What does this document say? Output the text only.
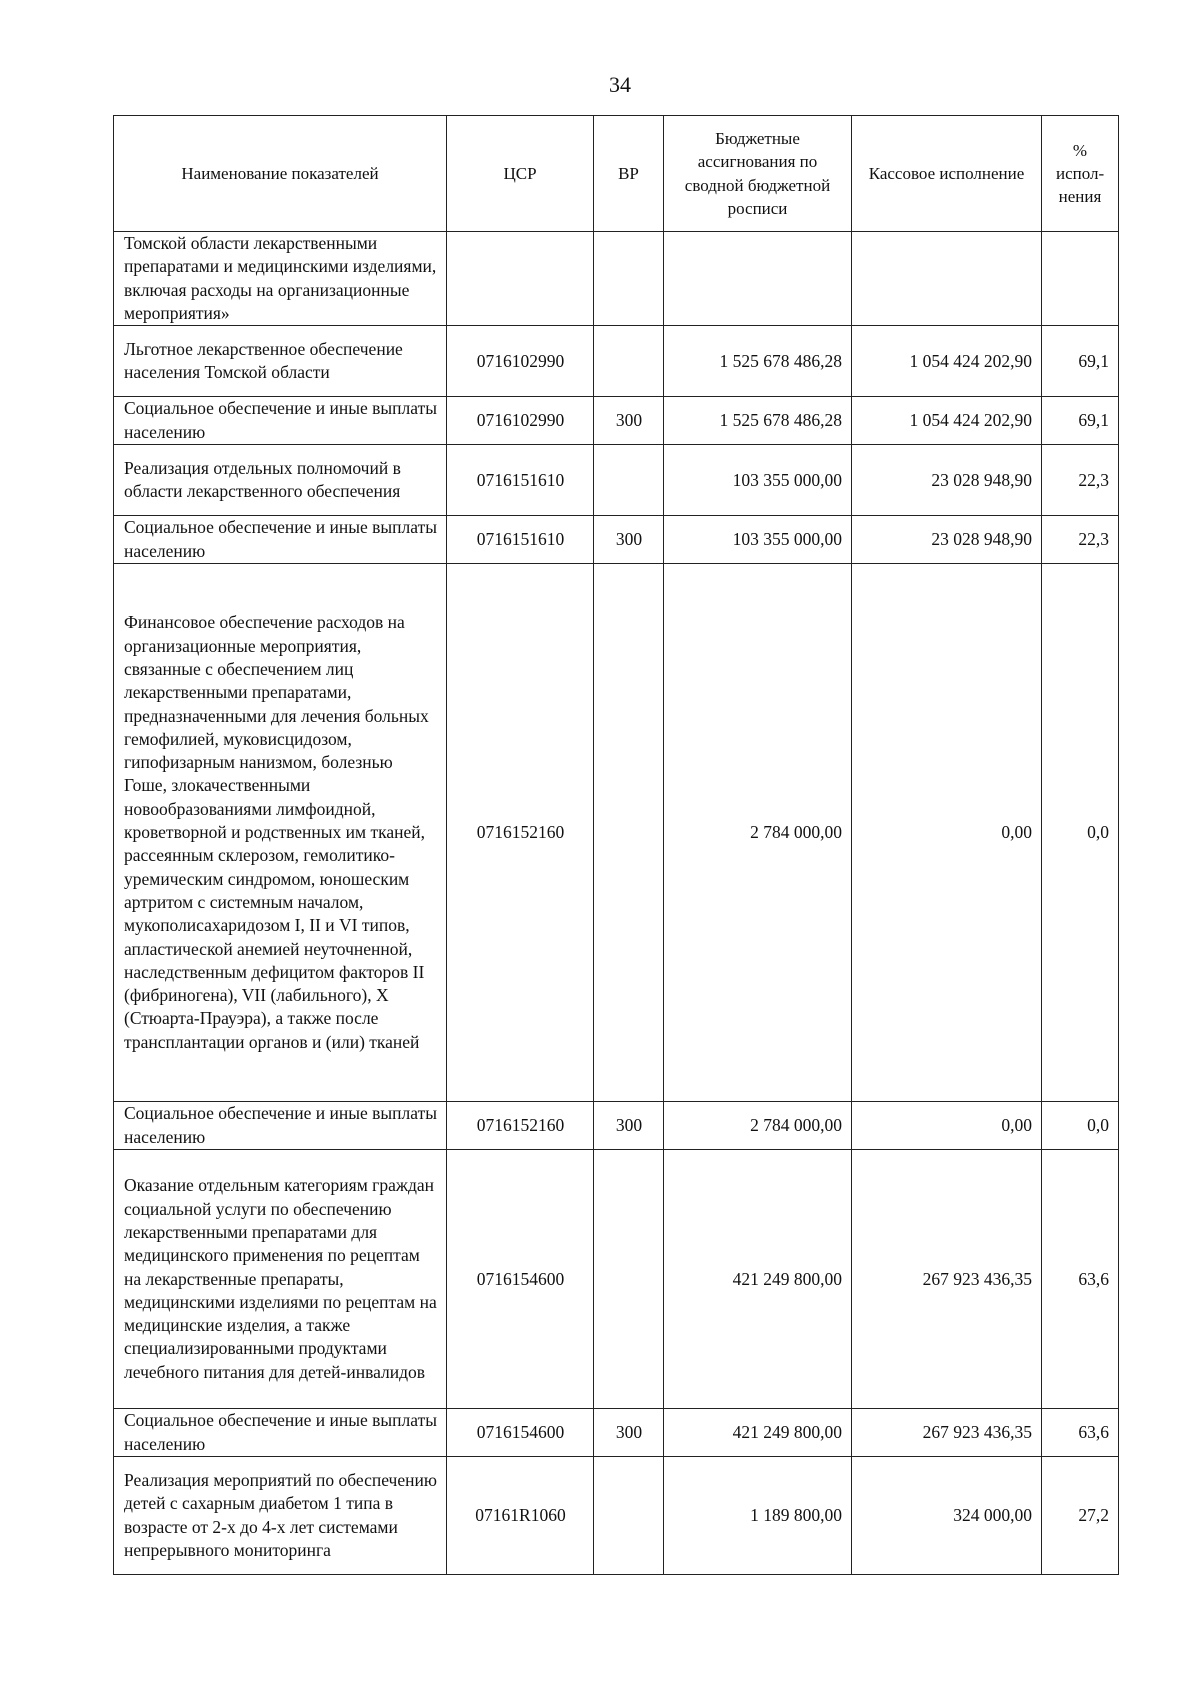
34
Наименование показателей	ЦСР	ВР	Бюджетные ассигнования по сводной бюджетной росписи	Кассовое исполнение	% испол-нения
Томской области лекарственными препаратами и медицинскими изделиями, включая расходы на организационные мероприятия»					
Льготное лекарственное обеспечение населения Томской области	0716102990		1 525 678 486,28	1 054 424 202,90	69,1
Социальное обеспечение и иные выплаты населению	0716102990	300	1 525 678 486,28	1 054 424 202,90	69,1
Реализация отдельных полномочий в области лекарственного обеспечения	0716151610		103 355 000,00	23 028 948,90	22,3
Социальное обеспечение и иные выплаты населению	0716151610	300	103 355 000,00	23 028 948,90	22,3
Финансовое обеспечение расходов на организационные мероприятия, связанные с обеспечением лиц лекарственными препаратами, предназначенными для лечения больных гемофилией, муковисцидозом, гипофизарным нанизмом, болезнью Гоше, злокачественными новообразованиями лимфоидной, кроветворной и родственных им тканей, рассеянным склерозом, гемолитико-уремическим синдромом, юношеским артритом с системным началом, мукополисахаридозом I, II и VI типов, апластической анемией неуточненной, наследственным дефицитом факторов II (фибриногена), VII (лабильного), X (Стюарта-Прауэра), а также после трансплантации органов и (или) тканей	0716152160		2 784 000,00	0,00	0,0
Социальное обеспечение и иные выплаты населению	0716152160	300	2 784 000,00	0,00	0,0
Оказание отдельным категориям граждан социальной услуги по обеспечению лекарственными препаратами для медицинского применения по рецептам на лекарственные препараты, медицинскими изделиями по рецептам на медицинские изделия, а также специализированными продуктами лечебного питания для детей-инвалидов	0716154600		421 249 800,00	267 923 436,35	63,6
Социальное обеспечение и иные выплаты населению	0716154600	300	421 249 800,00	267 923 436,35	63,6
Реализация мероприятий по обеспечению детей с сахарным диабетом 1 типа в возрасте от 2-х до 4-х лет системами непрерывного мониторинга	07161R1060		1 189 800,00	324 000,00	27,2
